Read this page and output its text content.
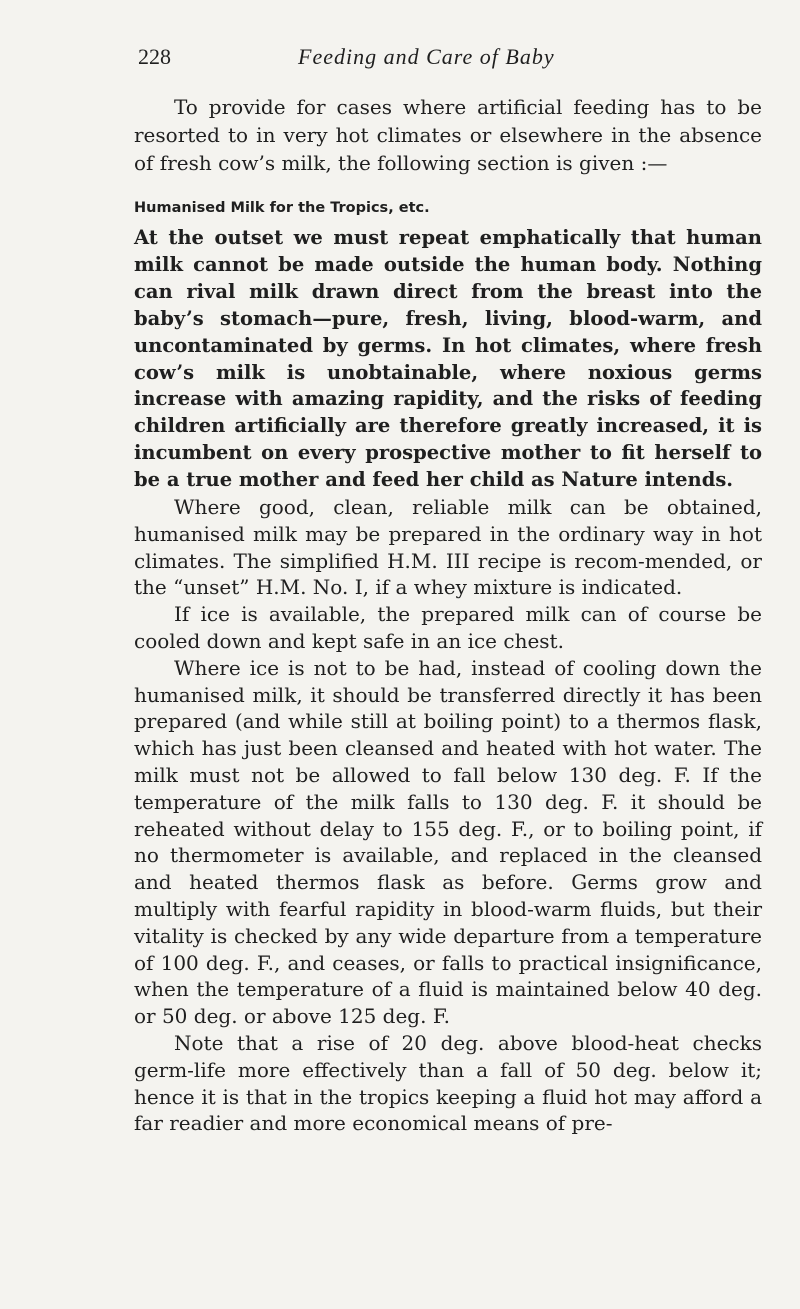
228	Feeding and Care of Baby

To provide for cases where artificial feeding has to be resorted to in very hot climates or elsewhere in the absence of fresh cow’s milk, the following section is given :—

Humanised Milk for the Tropics, etc.

At the outset we must repeat emphatically that human milk cannot be made outside the human body. Nothing can rival milk drawn direct from the breast into the baby’s stomach—pure, fresh, living, blood-warm, and uncontaminated by germs. In hot climates, where fresh cow’s milk is unobtainable, where noxious germs increase with amazing rapidity, and the risks of feeding children artificially are therefore greatly increased, it is incumbent on every prospective mother to fit herself to be a true mother and feed her child as Nature intends.

Where good, clean, reliable milk can be obtained, humanised milk may be prepared in the ordinary way in hot climates. The simplified H.M. III recipe is recom-mended, or the “unset” H.M. No. I, if a whey mixture is indicated.

If ice is available, the prepared milk can of course be cooled down and kept safe in an ice chest.

Where ice is not to be had, instead of cooling down the humanised milk, it should be transferred directly it has been prepared (and while still at boiling point) to a thermos flask, which has just been cleansed and heated with hot water. The milk must not be allowed to fall below 130 deg. F. If the temperature of the milk falls to 130 deg. F. it should be reheated without delay to 155 deg. F., or to boiling point, if no thermometer is available, and replaced in the cleansed and heated thermos flask as before. Germs grow and multiply with fearful rapidity in blood-warm fluids, but their vitality is checked by any wide departure from a temperature of 100 deg. F., and ceases, or falls to practical insignificance, when the temperature of a fluid is maintained below 40 deg. or 50 deg. or above 125 deg. F.

Note that a rise of 20 deg. above blood-heat checks germ-life more effectively than a fall of 50 deg. below it; hence it is that in the tropics keeping a fluid hot may afford a far readier and more economical means of pre-
